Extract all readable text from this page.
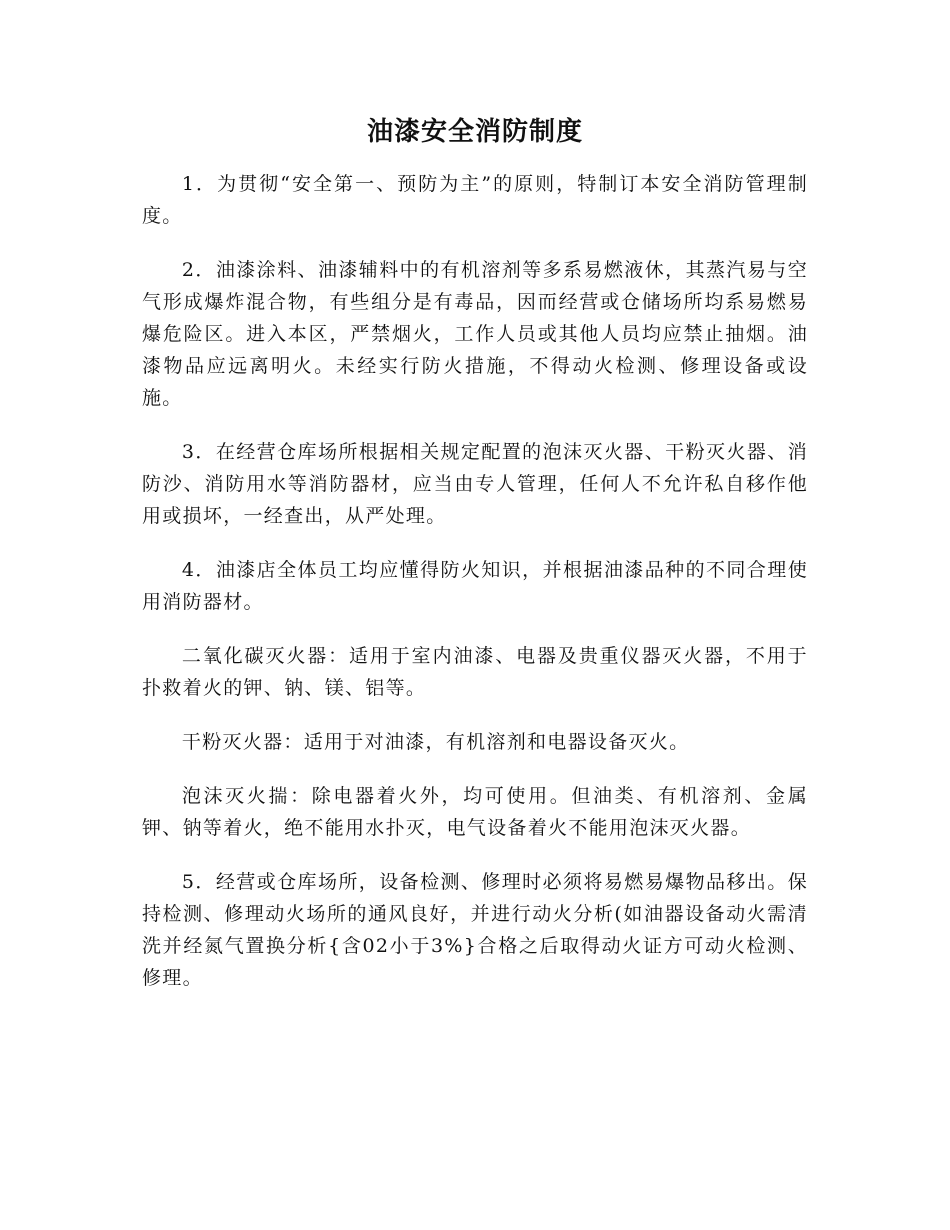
油漆安全消防制度

1．为贯彻“安全第一、预防为主”的原则，特制订本安全消防管理制度。

2．油漆涂料、油漆辅料中的有机溶剂等多系易燃液休，其蒸汽易与空气形成爆炸混合物，有些组分是有毒品，因而经营或仓储场所均系易燃易爆危险区。进入本区，严禁烟火，工作人员或其他人员均应禁止抽烟。油漆物品应远离明火。未经实行防火措施，不得动火检测、修理设备或设施。

3．在经营仓库场所根据相关规定配置的泡沫灭火器、干粉灭火器、消防沙、消防用水等消防器材，应当由专人管理，任何人不允许私自移作他用或损坏，一经查出，从严处理。

4．油漆店全体员工均应懂得防火知识，并根据油漆品种的不同合理使用消防器材。

二氧化碳灭火器：适用于室内油漆、电器及贵重仪器灭火器，不用于扑救着火的钾、钠、镁、铝等。

干粉灭火器：适用于对油漆，有机溶剂和电器设备灭火。

泡沫灭火揣：除电器着火外，均可使用。但油类、有机溶剂、金属钾、钠等着火，绝不能用水扑灭，电气设备着火不能用泡沫灭火器。

5．经营或仓库场所，设备检测、修理时必须将易燃易爆物品移出。保持检测、修理动火场所的通风良好，并进行动火分析(如油器设备动火需清洗并经氮气置换分析{含02小于3%}合格之后取得动火证方可动火检测、修理。
